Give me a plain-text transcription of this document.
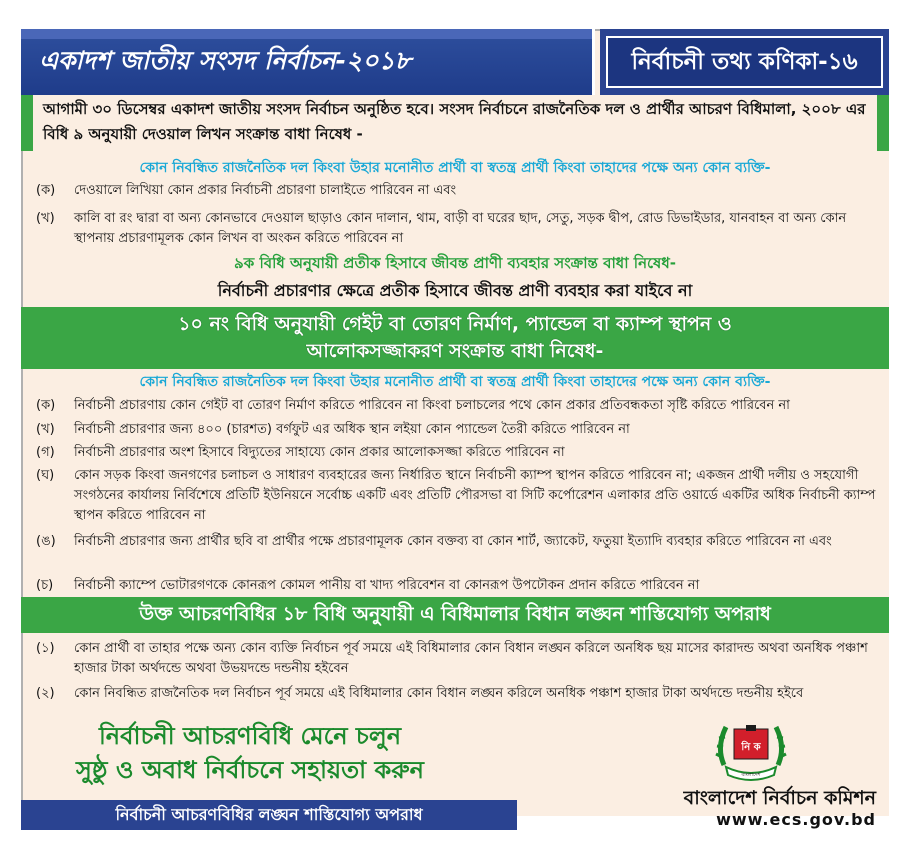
একাদশ জাতীয় সংসদ নির্বাচন-২০১৮	নির্বাচনী তথ্য কণিকা-১৬
আগামী ৩০ ডিসেম্বর একাদশ জাতীয় সংসদ নির্বাচন অনুষ্ঠিত হবে। সংসদ নির্বাচনে রাজনৈতিক দল ও প্রার্থীর আচরণ বিধিমালা, ২০০৮ এর বিধি ৯ অনুযায়ী দেওয়াল লিখন সংক্রান্ত বাধা নিষেধ -
কোন নিবন্ধিত রাজনৈতিক দল কিংবা উহার মনোনীত প্রার্থী বা স্বতন্ত্র প্রার্থী কিংবা তাহাদের পক্ষে অন্য কোন ব্যক্তি-
(ক)	দেওয়ালে লিখিয়া কোন প্রকার নির্বাচনী প্রচারণা চালাইতে পারিবেন না এবং
(খ)	কালি বা রং দ্বারা বা অন্য কোনভাবে দেওয়াল ছাড়াও কোন দালান, থাম, বাড়ী বা ঘরের ছাদ, সেতু, সড়ক দ্বীপ, রোড ডিভাইডার, যানবাহন বা অন্য কোন স্থাপনায় প্রচারণামূলক কোন লিখন বা অংকন করিতে পারিবেন না
৯ক বিধি অনুযায়ী প্রতীক হিসাবে জীবন্ত প্রাণী ব্যবহার সংক্রান্ত বাধা নিষেধ-
নির্বাচনী প্রচারণার ক্ষেত্রে প্রতীক হিসাবে জীবন্ত প্রাণী ব্যবহার করা যাইবে না
১০ নং বিধি অনুযায়ী গেইট বা তোরণ নির্মাণ, প্যান্ডেল বা ক্যাম্প স্থাপন ও
আলোকসজ্জাকরণ সংক্রান্ত বাধা নিষেধ-
কোন নিবন্ধিত রাজনৈতিক দল কিংবা উহার মনোনীত প্রার্থী বা স্বতন্ত্র প্রার্থী কিংবা তাহাদের পক্ষে অন্য কোন ব্যক্তি-
(ক)	নির্বাচনী প্রচারণায় কোন গেইট বা তোরণ নির্মাণ করিতে পারিবেন না কিংবা চলাচলের পথে কোন প্রকার প্রতিবন্ধকতা সৃষ্টি করিতে পারিবেন না
(খ)	নির্বাচনী প্রচারণার জন্য ৪০০ (চারশত) বর্গফুট এর অধিক স্থান লইয়া কোন প্যান্ডেল তৈরী করিতে পারিবেন না
(গ)	নির্বাচনী প্রচারণার অংশ হিসাবে বিদ্যুতের সাহায্যে কোন প্রকার আলোকসজ্জা করিতে পারিবেন না
(ঘ)	কোন সড়ক কিংবা জনগণের চলাচল ও সাধারণ ব্যবহারের জন্য নির্ধারিত স্থানে নির্বাচনী ক্যাম্প স্থাপন করিতে পারিবেন না; একজন প্রার্থী দলীয় ও সহযোগী সংগঠনের কার্যালয় নির্বিশেষে প্রতিটি ইউনিয়নে সর্বোচ্চ একটি এবং প্রতিটি পৌরসভা বা সিটি কর্পোরেশন এলাকার প্রতি ওয়ার্ডে একটির অধিক নির্বাচনী ক্যাম্প স্থাপন করিতে পারিবেন না
(ঙ)	নির্বাচনী প্রচারণার জন্য প্রার্থীর ছবি বা প্রার্থীর পক্ষে প্রচারণামূলক কোন বক্তব্য বা কোন শার্ট, জ্যাকেট, ফতুয়া ইত্যাদি ব্যবহার করিতে পারিবেন না এবং
(চ)	নির্বাচনী ক্যাম্পে ভোটারগণকে কোনরূপ কোমল পানীয় বা খাদ্য পরিবেশন বা কোনরূপ উপঢৌকন প্রদান করিতে পারিবেন না
উক্ত আচরণবিধির ১৮ বিধি অনুযায়ী এ বিধিমালার বিধান লঙ্ঘন শাস্তিযোগ্য অপরাধ
(১)	কোন প্রার্থী বা তাহার পক্ষে অন্য কোন ব্যক্তি নির্বাচন পূর্ব সময়ে এই বিধিমালার কোন বিধান লঙ্ঘন করিলে অনধিক ছয় মাসের কারাদন্ড অথবা অনধিক পঞ্চাশ হাজার টাকা অর্থদন্ডে অথবা উভয়দন্ডে দন্ডনীয় হইবেন
(২)	কোন নিবন্ধিত রাজনৈতিক দল নির্বাচন পূর্ব সময়ে এই বিধিমালার কোন বিধান লঙ্ঘন করিলে অনধিক পঞ্চাশ হাজার টাকা অর্থদন্ডে দন্ডনীয় হইবে
নির্বাচনী আচরণবিধি মেনে চলুন
সুষ্ঠু ও অবাধ নির্বাচনে সহায়তা করুন
নির্বাচনী আচরণবিধির লঙ্ঘন শাস্তিযোগ্য অপরাধ
নি ক
বাংলাদেশ
বাংলাদেশ নির্বাচন কমিশন
www.ecs.gov.bd
